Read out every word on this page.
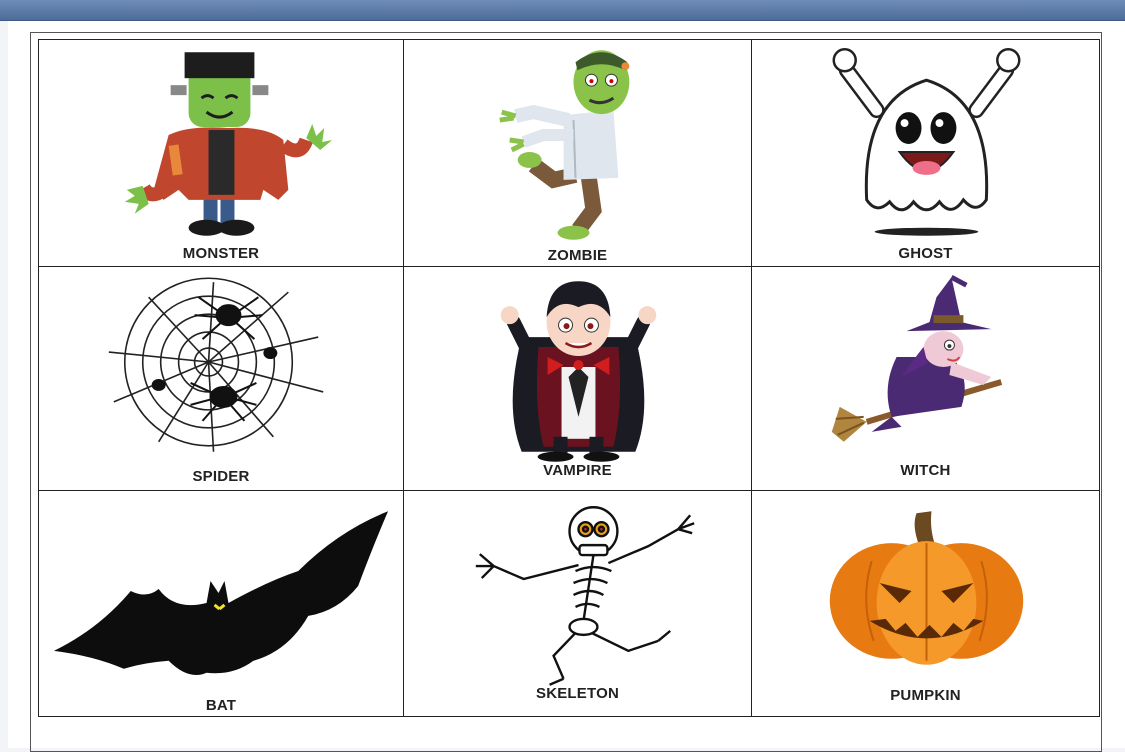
MONSTER	ZOMBIE	GHOST

SPIDER	VAMPIRE	WITCH

BAT	SKELETON	PUMPKIN
